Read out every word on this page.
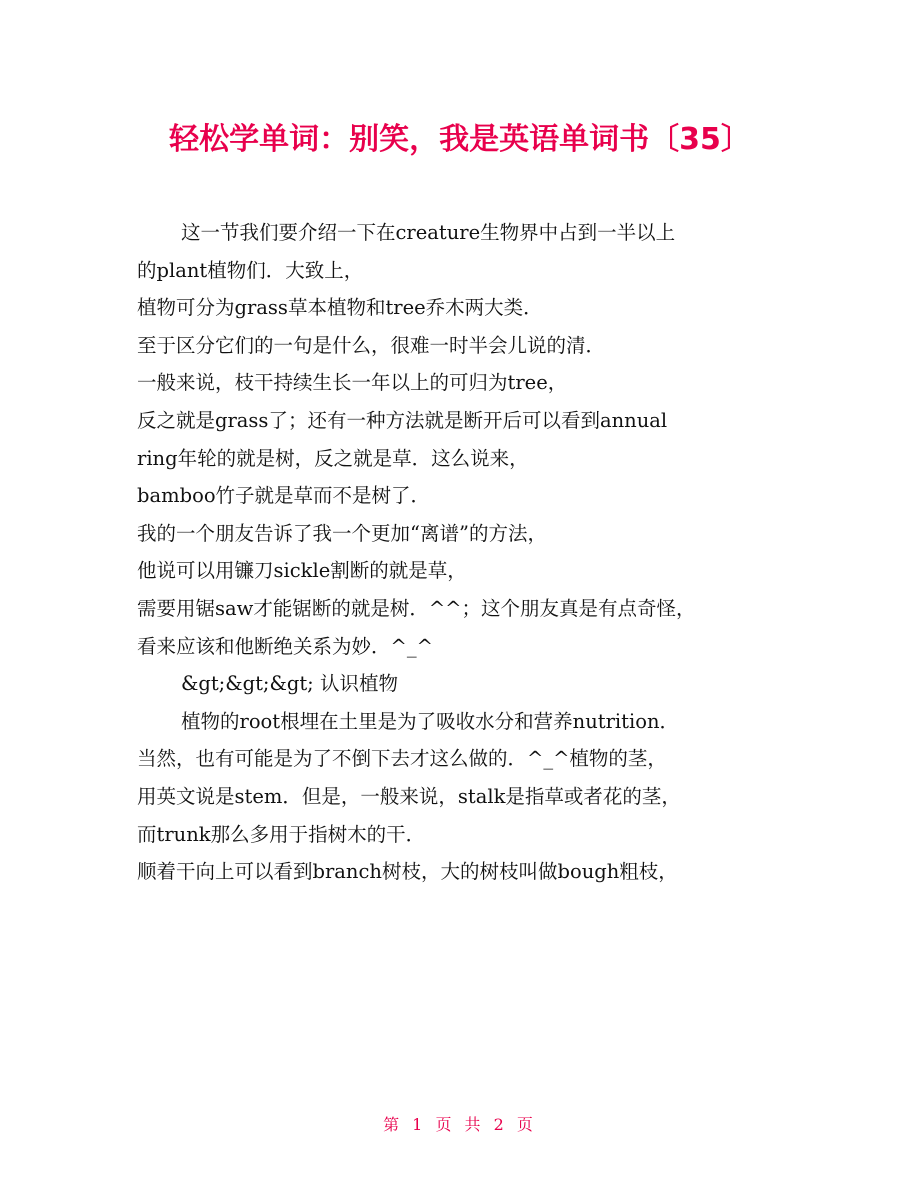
轻松学单词：别笑，我是英语单词书〔35〕
这一节我们要介绍一下在creature生物界中占到一半以上
的plant植物们．大致上，
植物可分为grass草本植物和tree乔木两大类．
至于区分它们的一句是什么，很难一时半会儿说的清．
一般来说，枝干持续生长一年以上的可归为tree，
反之就是grass了；还有一种方法就是断开后可以看到annual
ring年轮的就是树，反之就是草．这么说来，
bamboo竹子就是草而不是树了．
我的一个朋友告诉了我一个更加“离谱”的方法，
他说可以用镰刀sickle割断的就是草，
需要用锯saw才能锯断的就是树．^^；这个朋友真是有点奇怪，
看来应该和他断绝关系为妙．^_^
&gt;&gt;&gt; 认识植物
植物的root根埋在土里是为了吸收水分和营养nutrition．
当然，也有可能是为了不倒下去才这么做的．^_^植物的茎，
用英文说是stem．但是，一般来说，stalk是指草或者花的茎，
而trunk那么多用于指树木的干．
顺着干向上可以看到branch树枝，大的树枝叫做bough粗枝，
第 1 页 共 2 页
